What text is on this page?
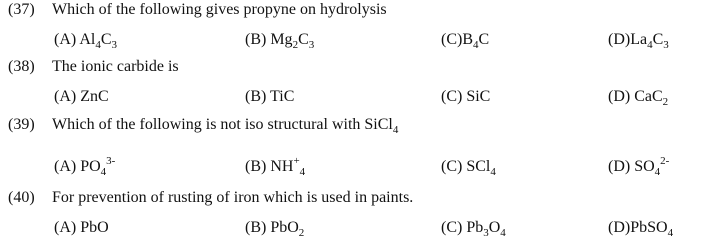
(37) Which of the following gives propyne on hydrolysis
(A) $Al_4C_3$	(B) $Mg_2C_3$	$(C)B_4C$	$(D)La_4C_3$
(38) The ionic carbide is
(A) ZnC	(B) TiC	(C) SiC	(D) CaC$_2$
(39) Which of the following is not iso structural with SiCl$_4$
(A) $PO_4^{3-}$	(B) $NH^+_4$	(C) SCl$_4$	(D) $SO_4^{2-}$
(40) For prevention of rusting of iron which is used in paints.
(A) PbO	(B) PbO$_2$	(C) $Pb_3O_4$	(D)PbSO$_4$
